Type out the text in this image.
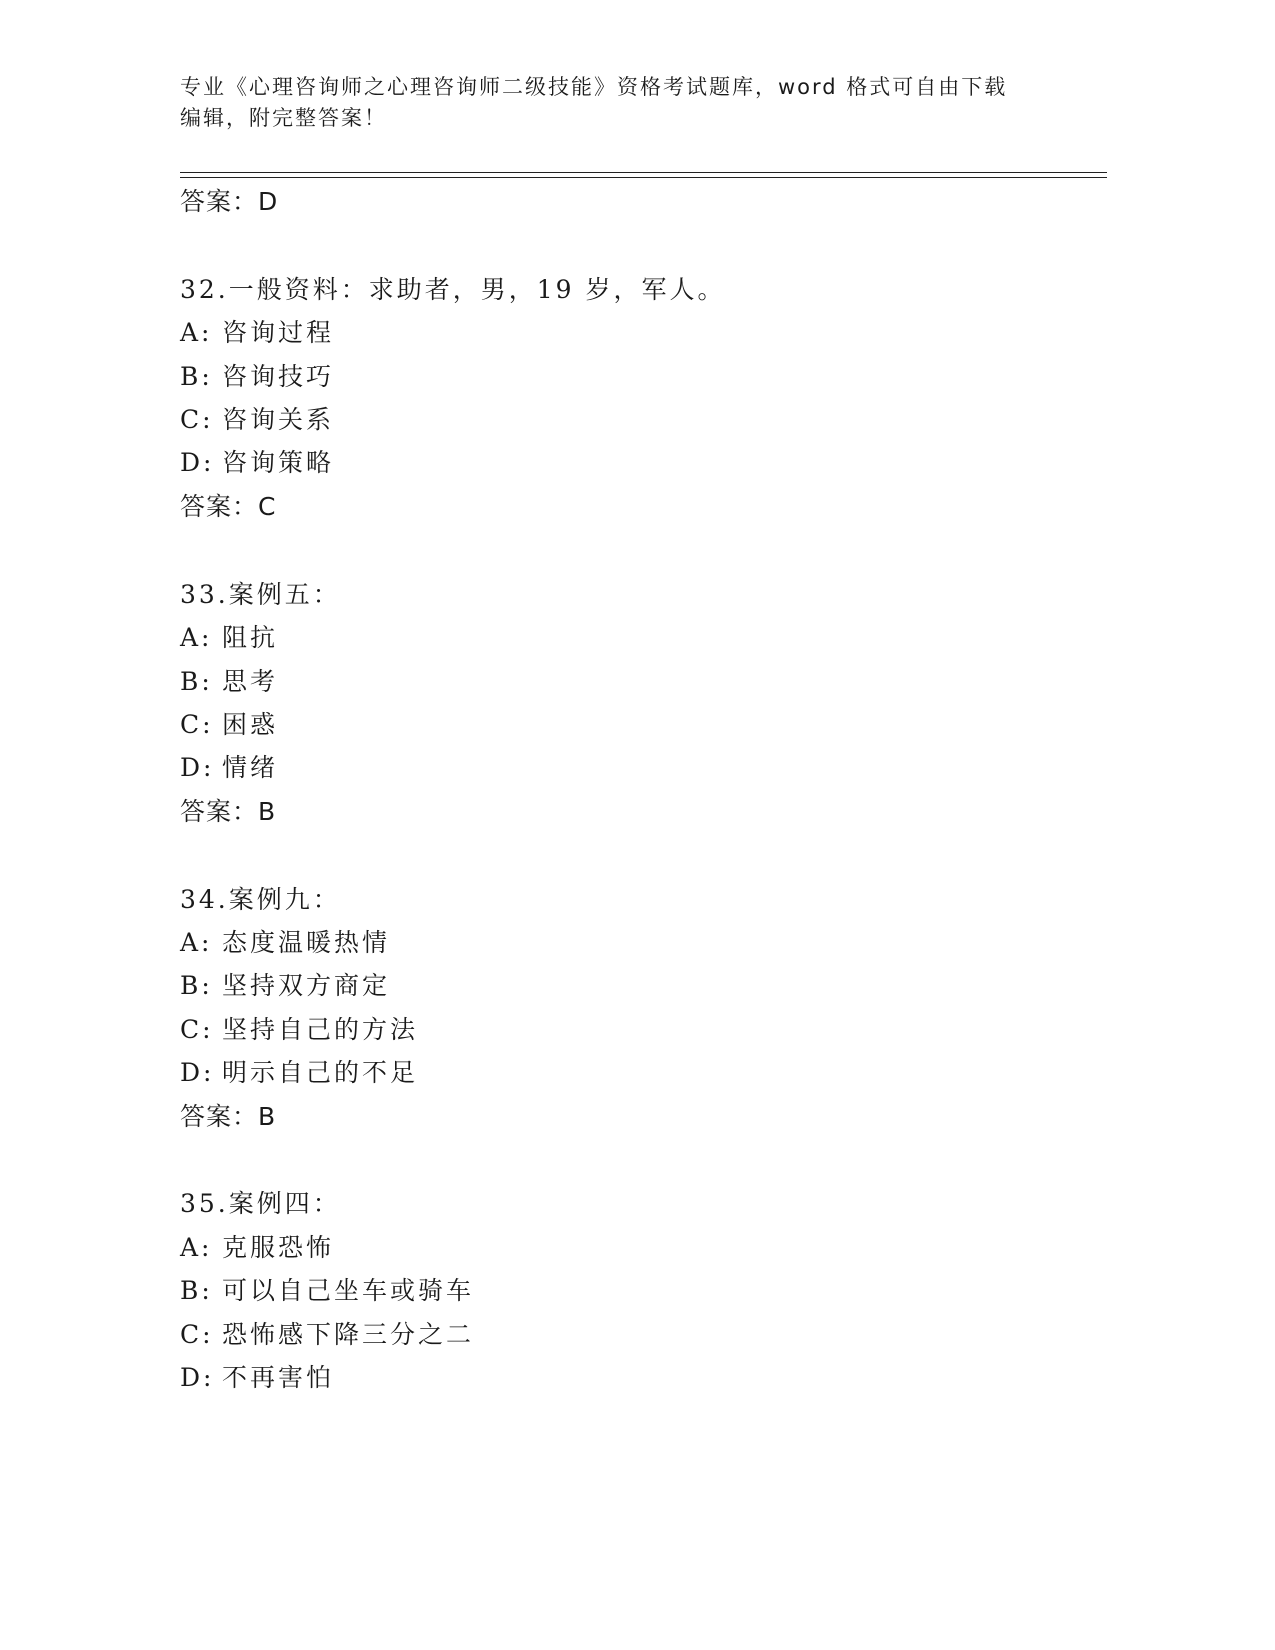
专业《心理咨询师之心理咨询师二级技能》资格考试题库，word 格式可自由下载
编辑，附完整答案！
答案：D
32.一般资料：求助者，男，19 岁，军人。
A: 咨询过程
B: 咨询技巧
C: 咨询关系
D: 咨询策略
答案：C
33.案例五：
A: 阻抗
B: 思考
C: 困惑
D: 情绪
答案：B
34.案例九：
A: 态度温暖热情
B: 坚持双方商定
C: 坚持自己的方法
D: 明示自己的不足
答案：B
35.案例四：
A: 克服恐怖
B: 可以自己坐车或骑车
C: 恐怖感下降三分之二
D: 不再害怕
